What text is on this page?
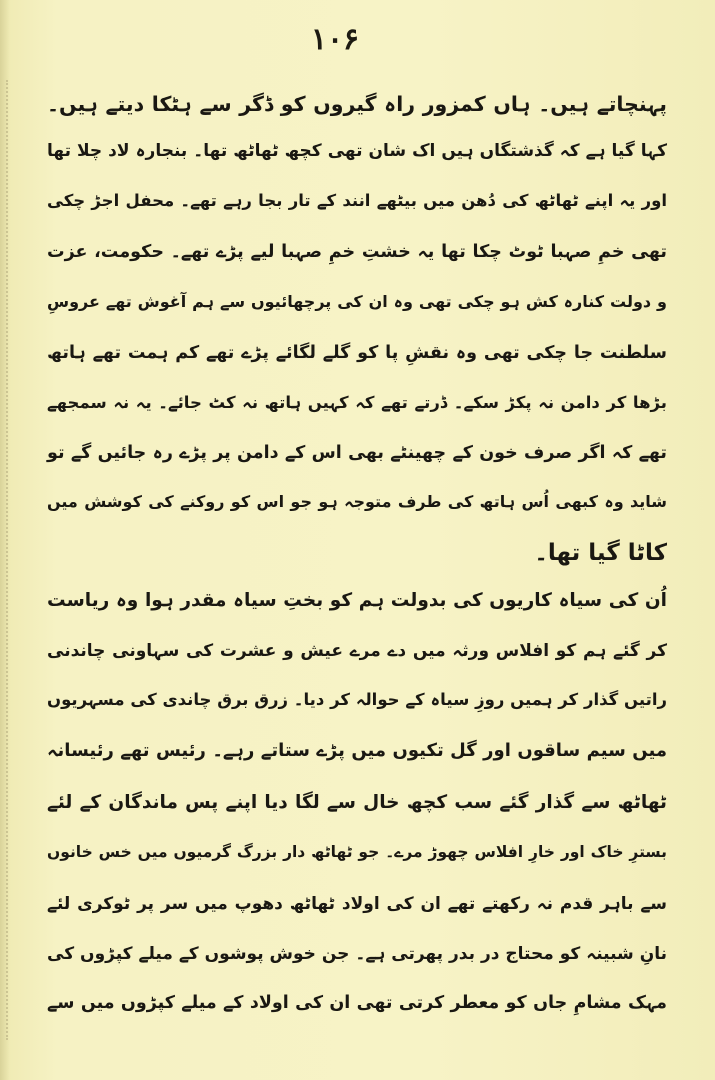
۱۰۶
پہنچاتے ہیں۔ ہاں کمزور راہ گیروں کو ڈگر سے ہٹکا دیتے ہیں۔
کہا گیا ہے کہ گذشتگاں ہیں اک شان تھی کچھ ٹھاٹھ تھا۔ بنجارہ لاد چلا تھا
اور یہ اپنے ٹھاٹھ کی دُھن میں بیٹھے انند کے تار بجا رہے تھے۔ محفل اجڑ چکی
تھی خمِ صہبا ٹوٹ چکا تھا یہ خشتِ خمِ صہبا لیے پڑے تھے۔ حکومت، عزت
و دولت کنارہ کش ہو چکی تھی وہ ان کی پرچھائیوں سے ہم آغوش تھے عروسِ
سلطنت جا چکی تھی وہ نقشِ پا کو گلے لگائے پڑے تھے کم ہمت تھے ہاتھ
بڑھا کر دامن نہ پکڑ سکے۔ ڈرتے تھے کہ کہیں ہاتھ نہ کٹ جائے۔ یہ نہ سمجھے
تھے کہ اگر صرف خون کے چھینٹے بھی اس کے دامن پر پڑے رہ جائیں گے تو
شاید وہ کبھی اُس ہاتھ کی طرف متوجہ ہو جو اس کو روکنے کی کوشش میں
کاٹا گیا تھا۔
اُن کی سیاہ کاریوں کی بدولت ہم کو بختِ سیاہ مقدر ہوا وہ ریاست
کر گئے ہم کو افلاس ورثہ میں دے مرے عیش و عشرت کی سہاونی چاندنی
راتیں گذار کر ہمیں روزِ سیاہ کے حوالہ کر دیا۔ زرق برق چاندی کی مسہریوں
میں سیم ساقوں اور گل تکیوں میں پڑے ستاتے رہے۔ رئیس تھے رئیسانہ
ٹھاٹھ سے گذار گئے سب کچھ خال سے لگا دیا اپنے پس ماندگان کے لئے
بسترِ خاک اور خارِ افلاس چھوڑ مرے۔ جو ٹھاٹھ دار بزرگ گرمیوں میں خس خانوں
سے باہر قدم نہ رکھتے تھے ان کی اولاد ٹھاٹھ دھوپ میں سر پر ٹوکری لئے
نانِ شبینہ کو محتاج در بدر پھرتی ہے۔ جن خوش پوشوں کے میلے کپڑوں کی
مہک مشامِ جاں کو معطر کرتی تھی ان کی اولاد کے میلے کپڑوں میں سے
